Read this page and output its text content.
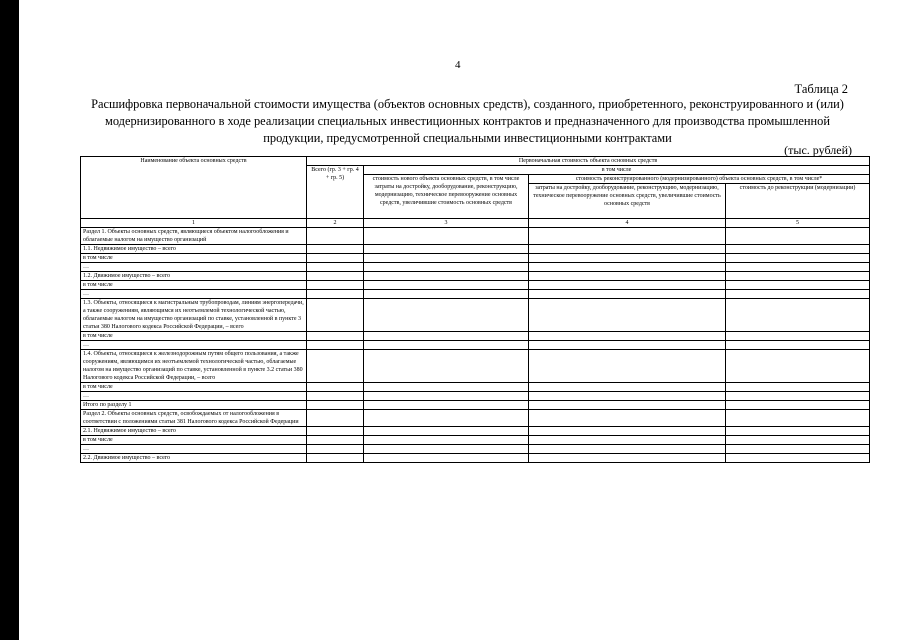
4
Таблица 2
Расшифровка первоначальной стоимости имущества (объектов основных средств), созданного, приобретенного, реконструированного и (или) модернизированного в ходе реализации специальных инвестиционных контрактов и предназначенного для производства промышленной продукции, предусмотренной специальными инвестиционными контрактами
(тыс. рублей)
Наименование объекта основных средств	Первоначальная стоимость объекта основных средств			
	Всего (гр. 3 + гр. 4 + гр. 5)	в том числе		
		стоимость нового объекта основных средств, в том числе затраты на достройку, дооборудование, реконструкцию, модернизацию, техническое перевооружение основных средств, увеличившие стоимость основных средств	стоимость реконструированного (модернизированного) объекта основных средств, в том числе*	
			затраты на достройку, дооборудование, реконструкцию, модернизацию, техническое перевооружение основных средств, увеличившие стоимость основных средств	стоимость до реконструкции (модернизации)
1	2	3	4	5
Раздел 1. Объекты основных средств, являющиеся объектом налогообложения и облагаемые налогом на имущество организаций				
1.1. Недвижимое имущество – всего				
в том числе				
…				
1.2. Движимое имущество – всего				
в том числе				
…				
1.3. Объекты, относящиеся к магистральным трубопроводам, линиям энергопередачи, а также сооружениям, являющимся их неотъемлемой технологической частью, облагаемые налогом на имущество организаций по ставке, установленной в пункте 3 статьи 380 Налогового кодекса Российской Федерации, – всего				
в том числе				
…				
1.4. Объекты, относящиеся к железнодорожным путям общего пользования, а также сооружениям, являющимся их неотъемлемой технологической частью, облагаемые налогом на имущество организаций по ставке, установленной в пункте 3.2 статьи 380 Налогового кодекса Российской Федерации, – всего				
в том числе				
…				
Итого по разделу 1				
Раздел 2. Объекты основных средств, освобождаемых от налогообложения в соответствии с положениями статьи 381 Налогового кодекса Российской Федерации				
2.1. Недвижимое имущество – всего				
в том числе				
…				
2.2. Движимое имущество – всего				
